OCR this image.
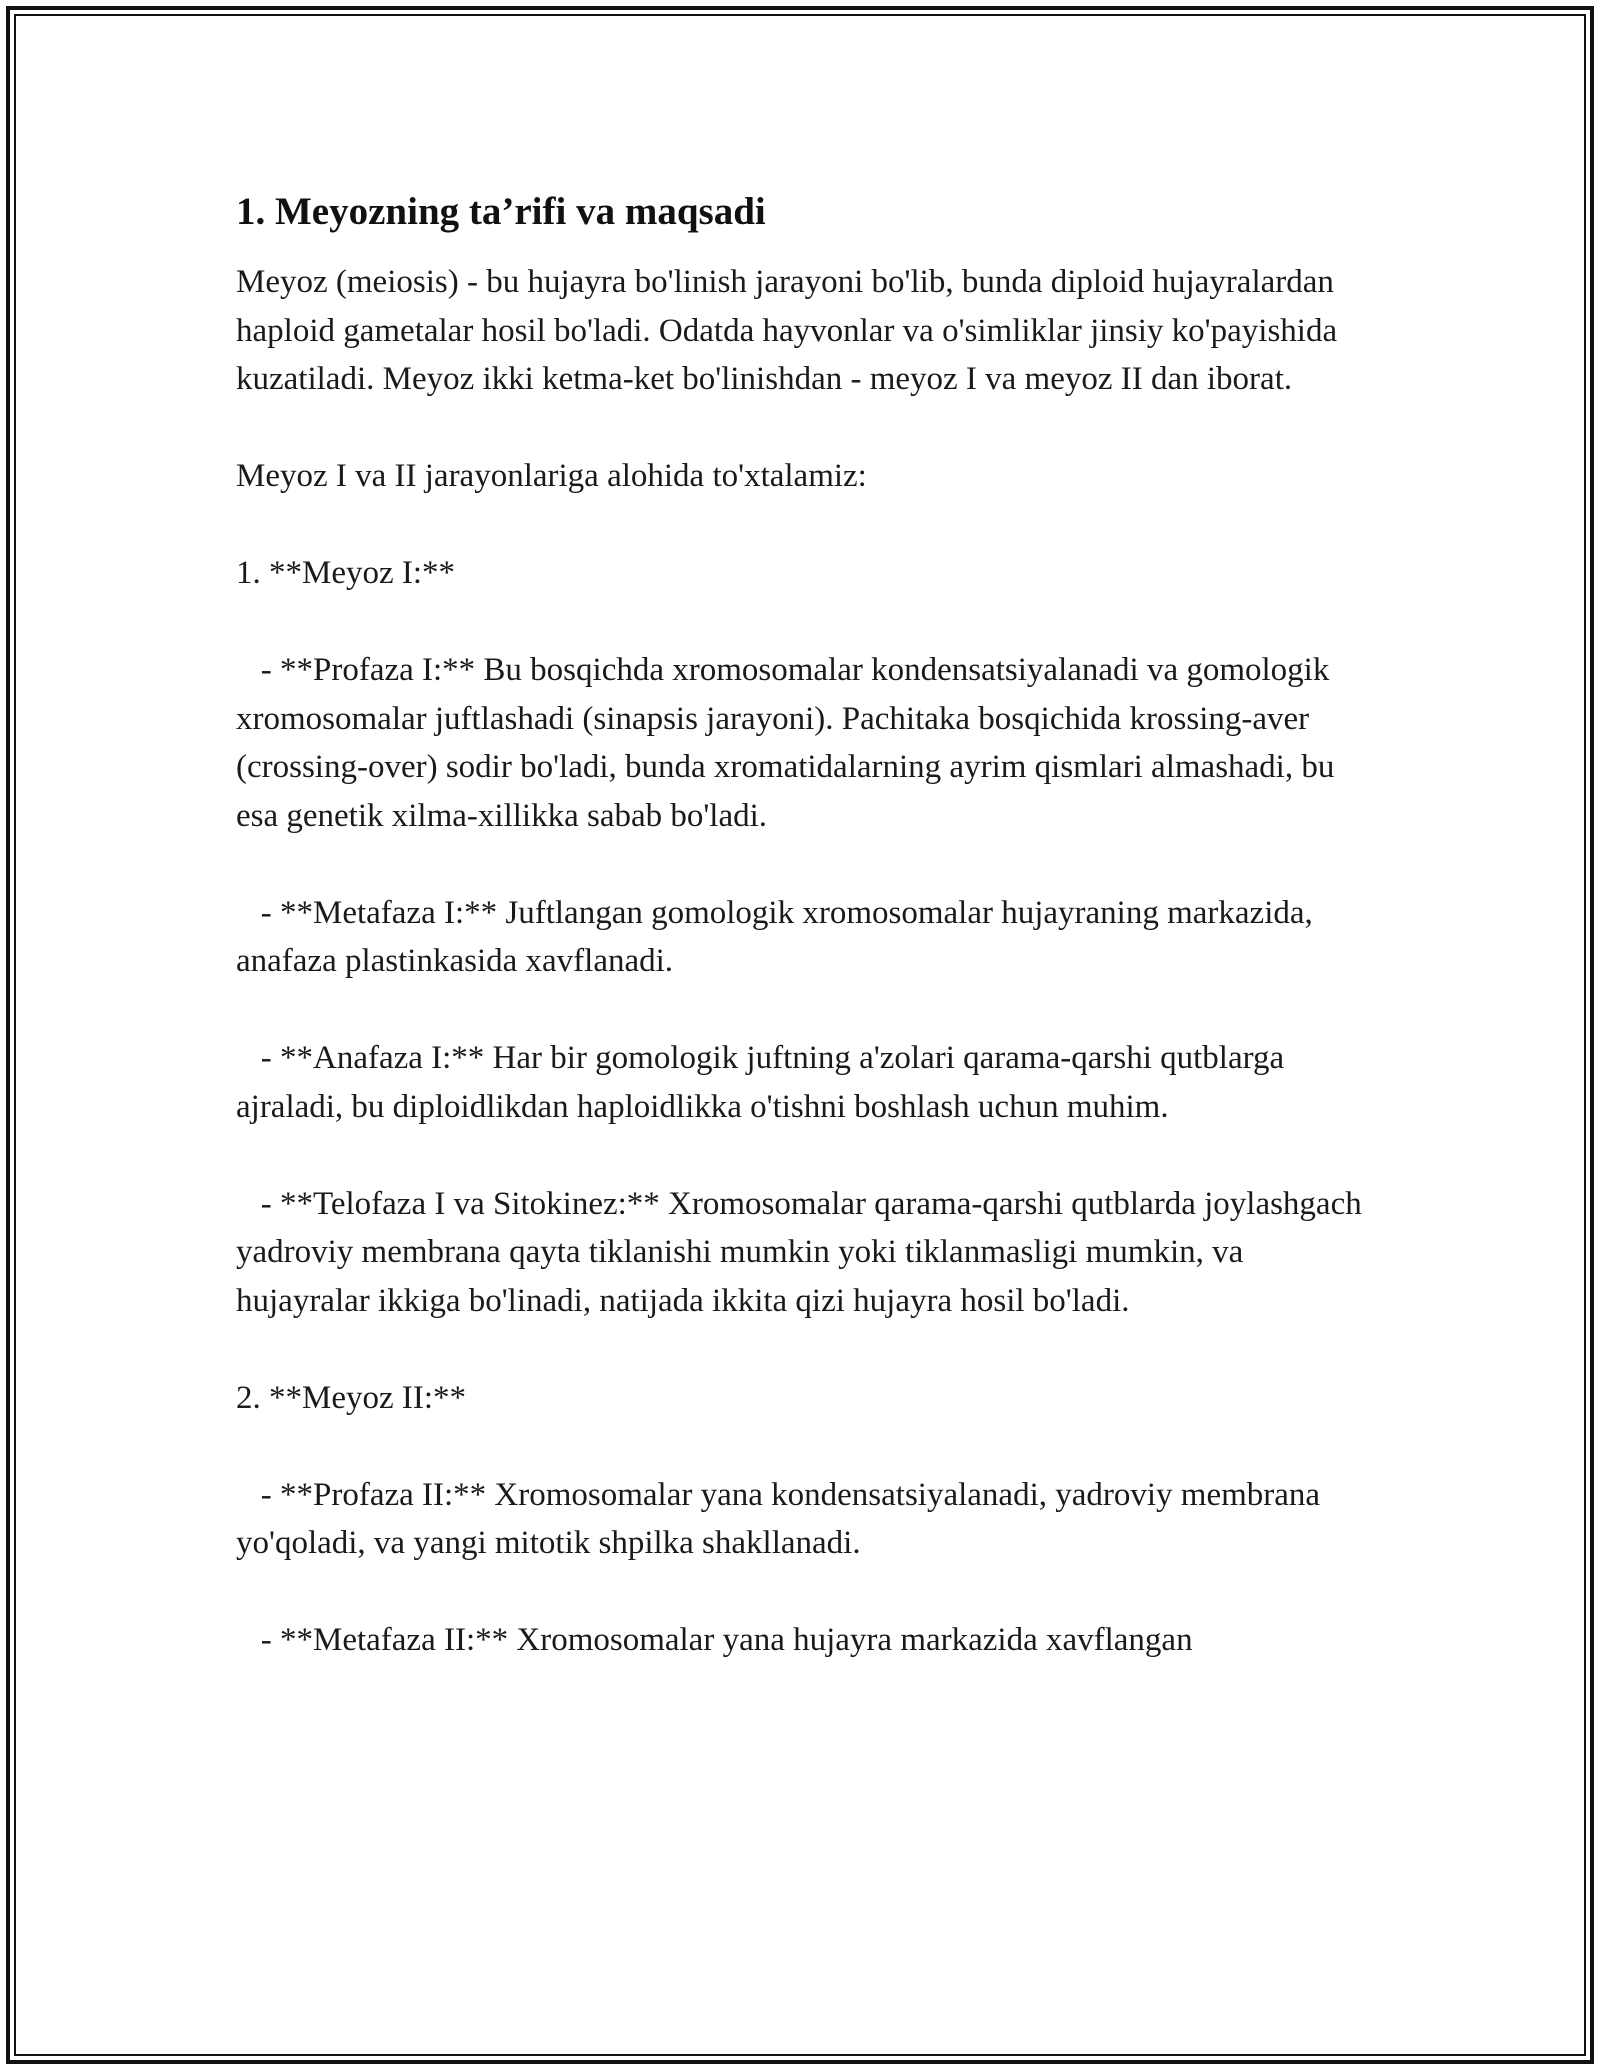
1. Meyozning ta’rifi va maqsadi

Meyoz (meiosis) - bu hujayra bo'linish jarayoni bo'lib, bunda diploid hujayralardan haploid gametalar hosil bo'ladi. Odatda hayvonlar va o'simliklar jinsiy ko'payishida kuzatiladi. Meyoz ikki ketma-ket bo'linishdan - meyoz I va meyoz II dan iborat.

Meyoz I va II jarayonlariga alohida to'xtalamiz:

1. **Meyoz I:**

- **Profaza I:** Bu bosqichda xromosomalar kondensatsiyalanadi va gomologik xromosomalar juftlashadi (sinapsis jarayoni). Pachitaka bosqichida krossing-aver (crossing-over) sodir bo'ladi, bunda xromatidalarning ayrim qismlari almashadi, bu esa genetik xilma-xillikka sabab bo'ladi.

- **Metafaza I:** Juftlangan gomologik xromosomalar hujayraning markazida, anafaza plastinkasida xavflanadi.

- **Anafaza I:** Har bir gomologik juftning a'zolari qarama-qarshi qutblarga ajraladi, bu diploidlikdan haploidlikka o'tishni boshlash uchun muhim.

- **Telofaza I va Sitokinez:** Xromosomalar qarama-qarshi qutblarda joylashgach yadroviy membrana qayta tiklanishi mumkin yoki tiklanmasligi mumkin, va hujayralar ikkiga bo'linadi, natijada ikkita qizi hujayra hosil bo'ladi.

2. **Meyoz II:**

- **Profaza II:** Xromosomalar yana kondensatsiyalanadi, yadroviy membrana yo'qoladi, va yangi mitotik shpilka shakllanadi.

- **Metafaza II:** Xromosomalar yana hujayra markazida xavflangan
